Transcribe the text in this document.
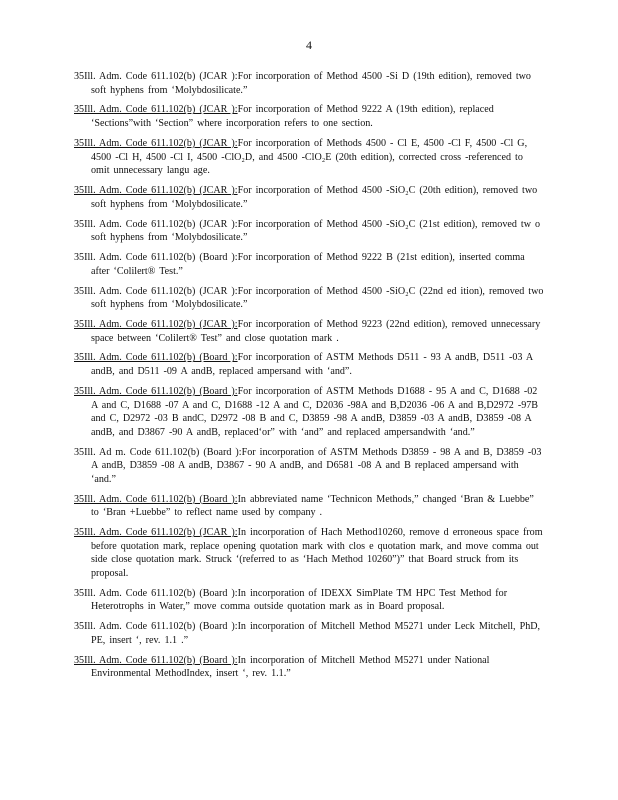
4

35Ill. Adm. Code 611.102(b) (JCAR ):For incorporation of Method 4500 -Si D (19th edition), removed two soft hyphens from ‘Molybdosilicate.”

35Ill. Adm. Code 611.102(b) (JCAR ):For incorporation of Method 9222 A (19th edition), replaced ‘Sections”with ‘Section” where incorporation refers to one section.

35Ill. Adm. Code 611.102(b) (JCAR ):For incorporation of Methods 4500 - Cl E, 4500 -Cl F, 4500 -Cl G, 4500 -Cl H, 4500 -Cl I, 4500 -ClO₂D, and 4500 -ClO₂E (20th edition), corrected cross -referenced to omit unnecessary langu age.

35Ill. Adm. Code 611.102(b) (JCAR ):For incorporation of Method 4500 -SiO₂C (20th edition), removed two soft hyphens from ‘Molybdosilicate.”

35Ill. Adm. Code 611.102(b) (JCAR ):For incorporation of Method 4500 -SiO₂C (21st edition), removed tw o soft hyphens from ‘Molybdosilicate.”

35Ill. Adm. Code 611.102(b) (Board ):For incorporation of Method 9222 B (21st edition), inserted comma after ‘Colilert® Test.”

35Ill. Adm. Code 611.102(b) (JCAR ):For incorporation of Method 4500 -SiO₂C (22nd ed ition), removed two soft hyphens from ‘Molybdosilicate.”

35Ill. Adm. Code 611.102(b) (JCAR ):For incorporation of Method 9223 (22nd edition), removed unnecessary space between ‘Colilert® Test” and close quotation mark .

35Ill. Adm. Code 611.102(b) (Board ):For incorporation of ASTM Methods D511 - 93 A andB, D511 -03 A andB, and D511 -09 A andB, replaced ampersand with ‘and”.

35Ill. Adm. Code 611.102(b) (Board ):For incorporation of ASTM Methods D1688 - 95 A and C, D1688 -02 A and C, D1688 -07 A and C, D1688 -12 A and C, D2036 -98A and B,D2036 -06 A and B,D2972 -97B and C, D2972 -03 B andC, D2972 -08 B and C, D3859 -98 A andB, D3859 -03 A andB, D3859 -08 A andB, and D3867 -90 A andB, replaced‘or” with ‘and” and replaced ampersandwith ‘and.”

35Ill. Ad m. Code 611.102(b) (Board ):For incorporation of ASTM Methods D3859 - 98 A and B, D3859 -03 A andB, D3859 -08 A andB, D3867 - 90 A andB, and D6581 -08 A and B replaced ampersand with ‘and.”

35Ill. Adm. Code 611.102(b) (Board ):In abbreviated name ‘Technicon Methods,” changed ‘Bran & Luebbe” to ‘Bran +Luebbe” to reflect name used by company .

35Ill. Adm. Code 611.102(b) (JCAR ):In incorporation of Hach Method10260, remove d erroneous space from before quotation mark, replace opening quotation mark with clos e quotation mark, and move comma out side close quotation mark. Struck ‘(referred to as ‘Hach Method 10260”)” that Board struck from its proposal.

35Ill. Adm. Code 611.102(b) (Board ):In incorporation of IDEXX SimPlate TM HPC Test Method for Heterotrophs in Water,” move comma outside quotation mark as in Board proposal.

35Ill. Adm. Code 611.102(b) (Board ):In incorporation of Mitchell Method M5271 under Leck Mitchell, PhD, PE, insert ‘, rev. 1.1 .”

35Ill. Adm. Code 611.102(b) (Board ):In incorporation of Mitchell Method M5271 under National Environmental MethodIndex, insert ‘, rev. 1.1.”
